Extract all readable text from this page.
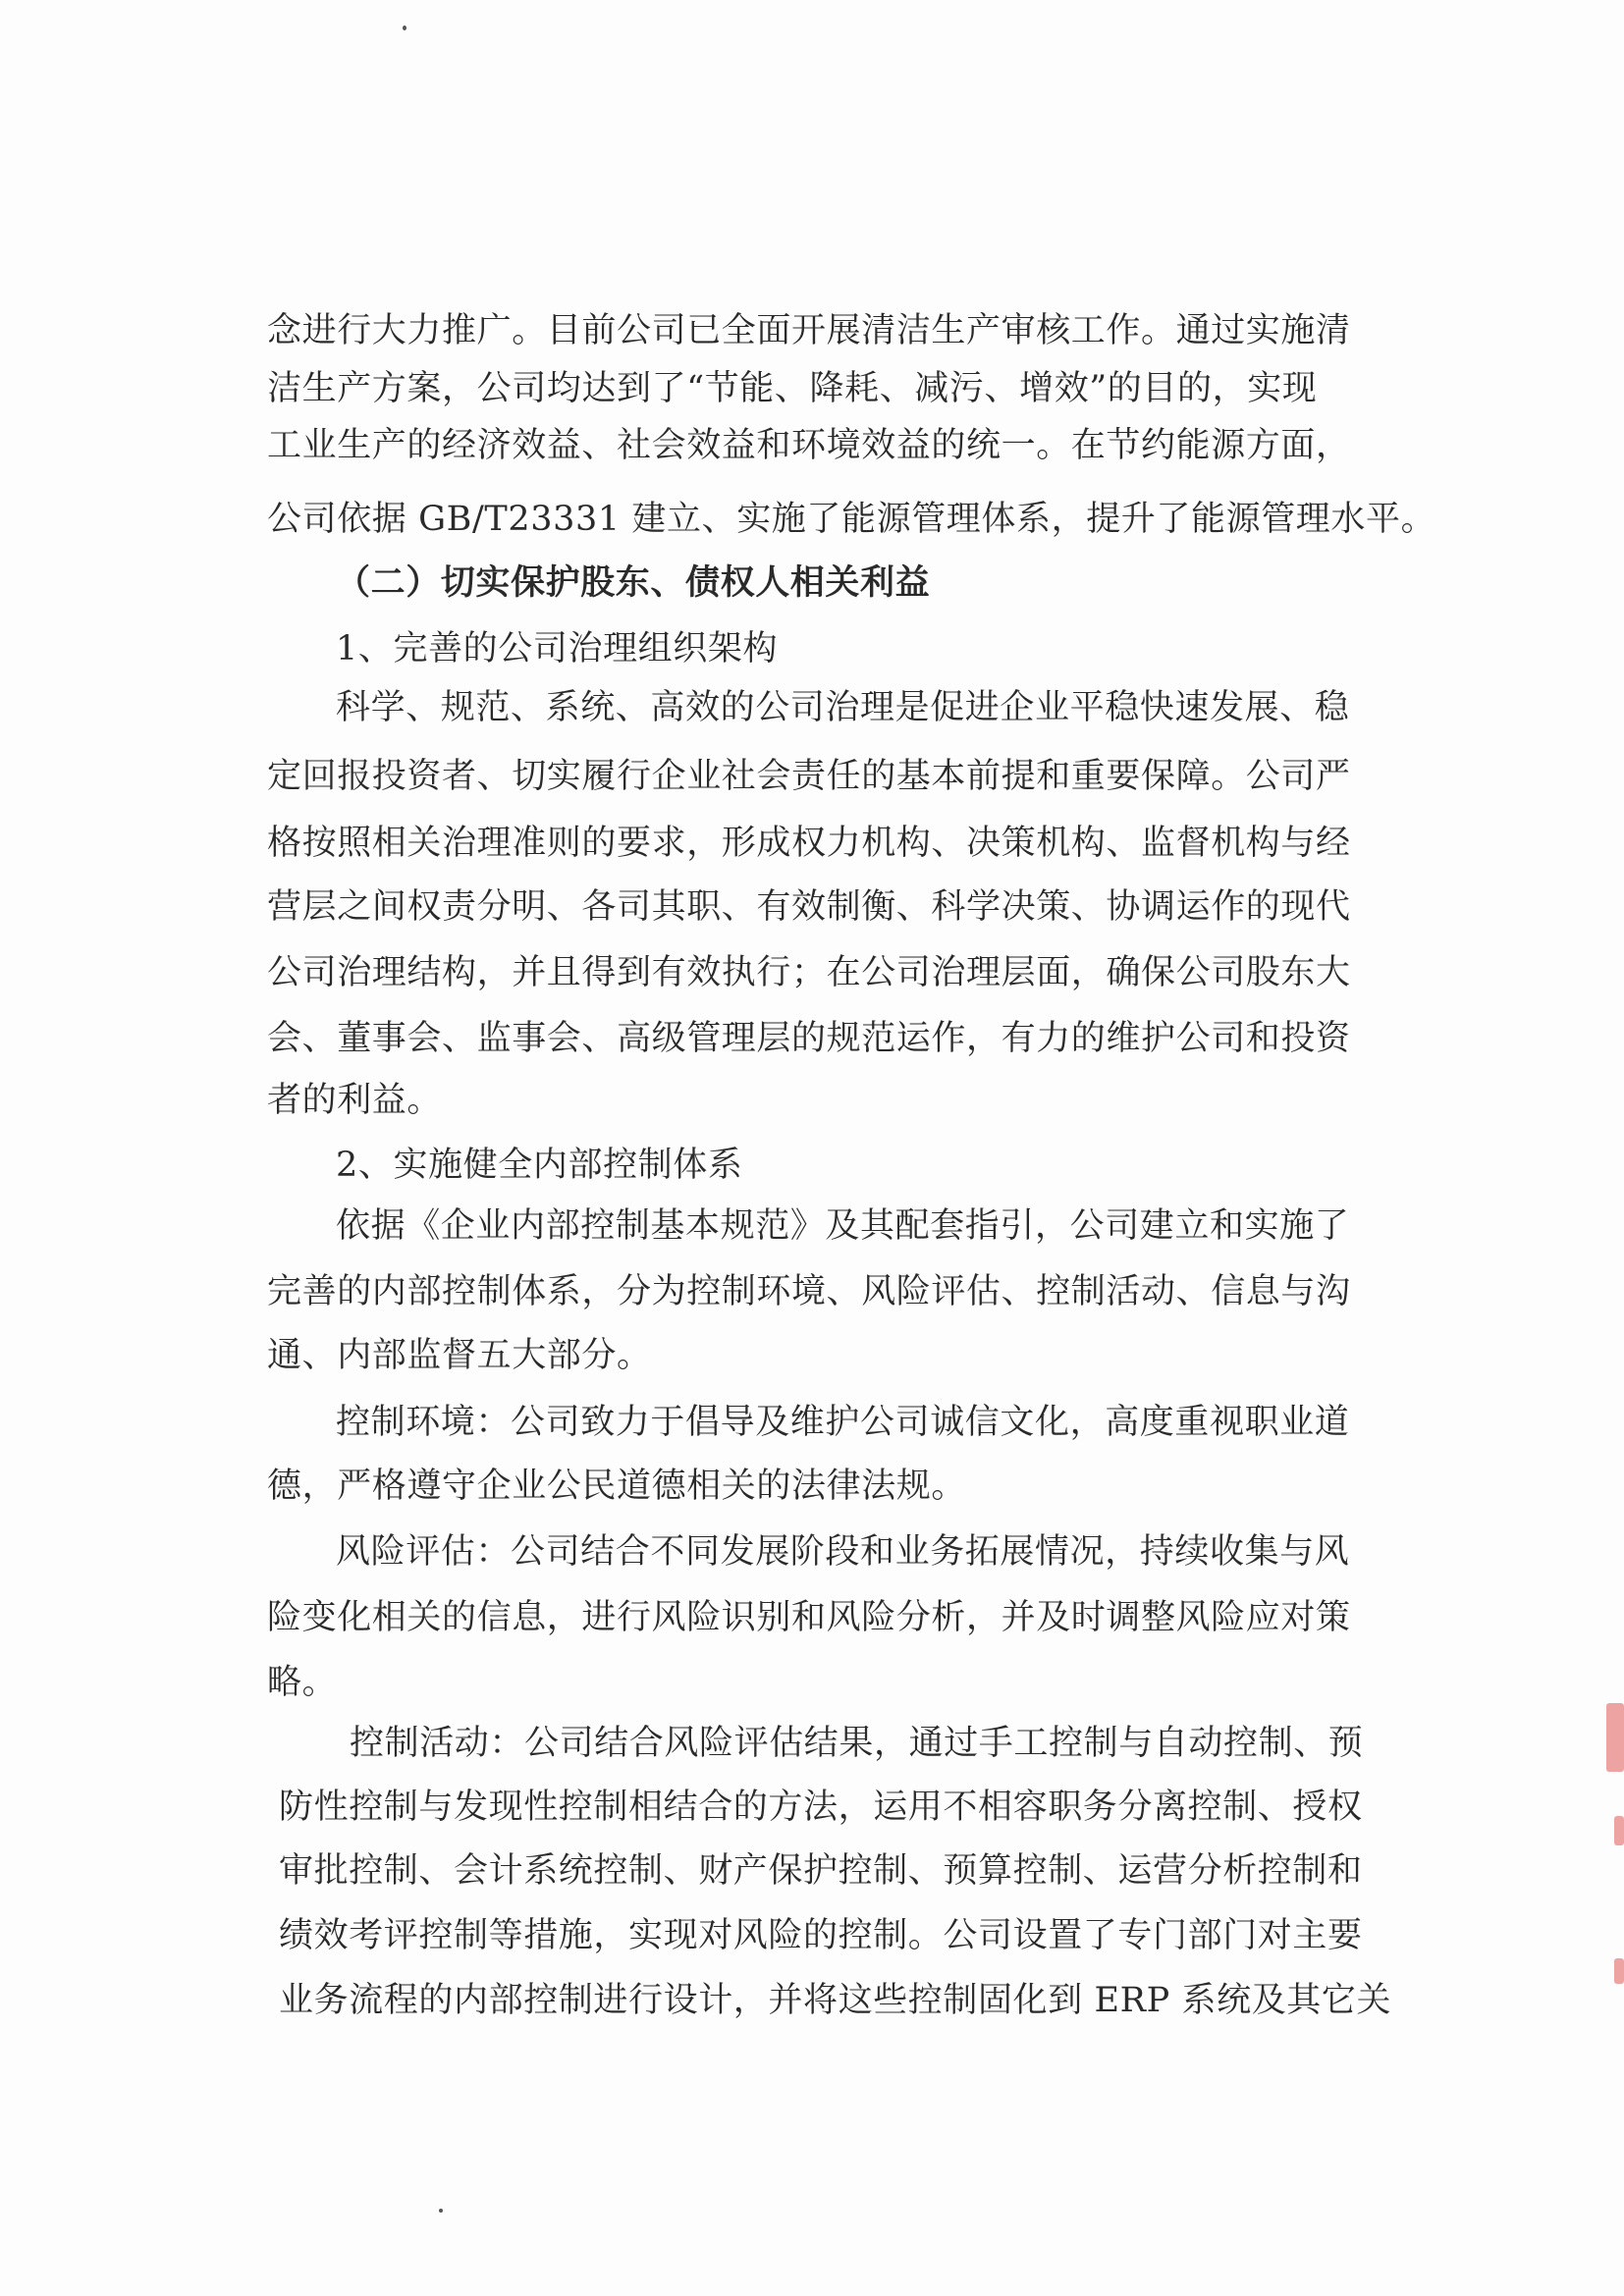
念进行大力推广。目前公司已全面开展清洁生产审核工作。通过实施清
洁生产方案，公司均达到了“节能、降耗、减污、增效”的目的，实现
工业生产的经济效益、社会效益和环境效益的统一。在节约能源方面，
公司依据 GB/T23331 建立、实施了能源管理体系，提升了能源管理水平。
（二）切实保护股东、债权人相关利益
1、完善的公司治理组织架构
科学、规范、系统、高效的公司治理是促进企业平稳快速发展、稳
定回报投资者、切实履行企业社会责任的基本前提和重要保障。公司严
格按照相关治理准则的要求，形成权力机构、决策机构、监督机构与经
营层之间权责分明、各司其职、有效制衡、科学决策、协调运作的现代
公司治理结构，并且得到有效执行；在公司治理层面，确保公司股东大
会、董事会、监事会、高级管理层的规范运作，有力的维护公司和投资
者的利益。
2、实施健全内部控制体系
依据《企业内部控制基本规范》及其配套指引，公司建立和实施了
完善的内部控制体系，分为控制环境、风险评估、控制活动、信息与沟
通、内部监督五大部分。
控制环境：公司致力于倡导及维护公司诚信文化，高度重视职业道
德，严格遵守企业公民道德相关的法律法规。
风险评估：公司结合不同发展阶段和业务拓展情况，持续收集与风
险变化相关的信息，进行风险识别和风险分析，并及时调整风险应对策
略。
控制活动：公司结合风险评估结果，通过手工控制与自动控制、预
防性控制与发现性控制相结合的方法，运用不相容职务分离控制、授权
审批控制、会计系统控制、财产保护控制、预算控制、运营分析控制和
绩效考评控制等措施，实现对风险的控制。公司设置了专门部门对主要
业务流程的内部控制进行设计，并将这些控制固化到 ERP 系统及其它关
